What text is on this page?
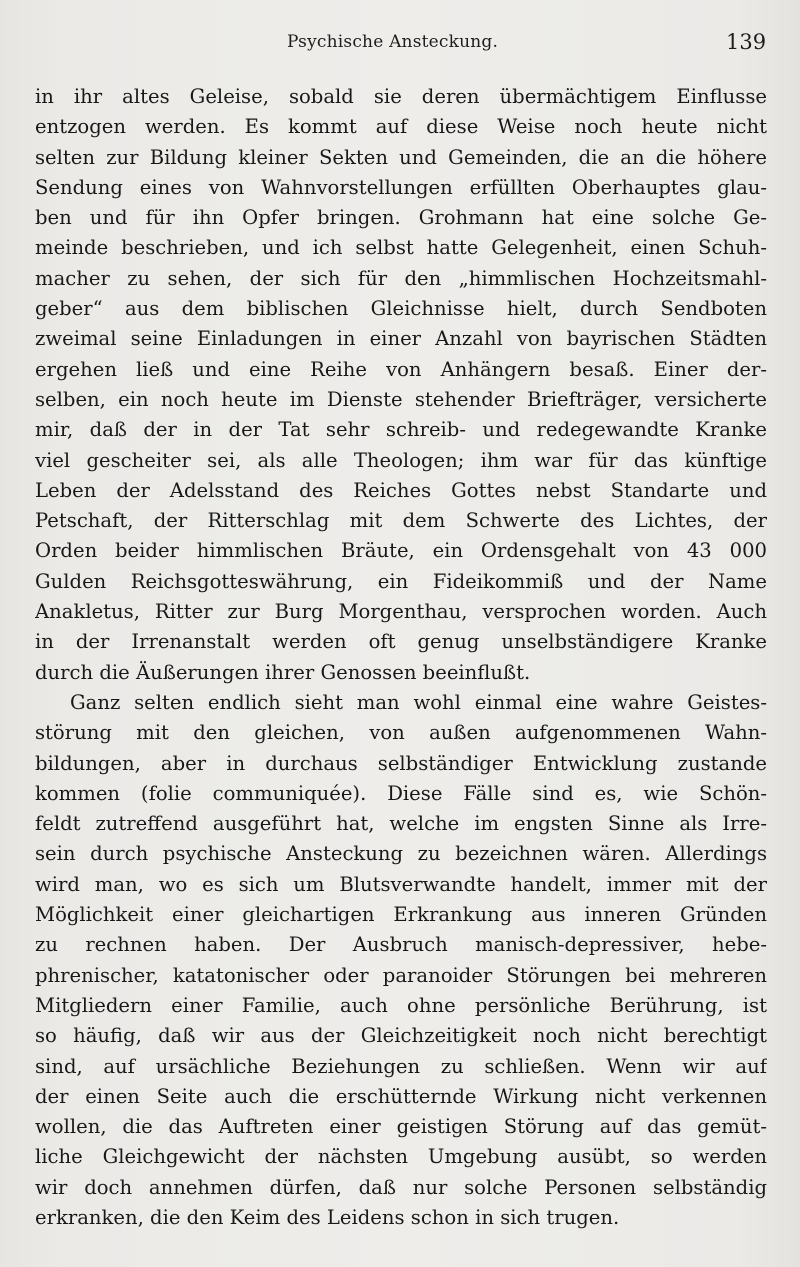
Psychische Ansteckung.	139
in ihr altes Geleise, sobald sie deren übermächtigem Einflusse
entzogen werden. Es kommt auf diese Weise noch heute nicht
selten zur Bildung kleiner Sekten und Gemeinden, die an die höhere
Sendung eines von Wahnvorstellungen erfüllten Oberhauptes glau-
ben und für ihn Opfer bringen. Grohmann hat eine solche Ge-
meinde beschrieben, und ich selbst hatte Gelegenheit, einen Schuh-
macher zu sehen, der sich für den „himmlischen Hochzeitsmahl-
geber“ aus dem biblischen Gleichnisse hielt, durch Sendboten
zweimal seine Einladungen in einer Anzahl von bayrischen Städten
ergehen ließ und eine Reihe von Anhängern besaß. Einer der-
selben, ein noch heute im Dienste stehender Briefträger, versicherte
mir, daß der in der Tat sehr schreib- und redegewandte Kranke
viel gescheiter sei, als alle Theologen; ihm war für das künftige
Leben der Adelsstand des Reiches Gottes nebst Standarte und
Petschaft, der Ritterschlag mit dem Schwerte des Lichtes, der
Orden beider himmlischen Bräute, ein Ordensgehalt von 43 000
Gulden Reichsgotteswährung, ein Fideikommiß und der Name
Anakletus, Ritter zur Burg Morgenthau, versprochen worden. Auch
in der Irrenanstalt werden oft genug unselbständigere Kranke
durch die Äußerungen ihrer Genossen beeinflußt.
Ganz selten endlich sieht man wohl einmal eine wahre Geistes-
störung mit den gleichen, von außen aufgenommenen Wahn-
bildungen, aber in durchaus selbständiger Entwicklung zustande
kommen (folie communiquée). Diese Fälle sind es, wie Schön-
feldt zutreffend ausgeführt hat, welche im engsten Sinne als Irre-
sein durch psychische Ansteckung zu bezeichnen wären. Allerdings
wird man, wo es sich um Blutsverwandte handelt, immer mit der
Möglichkeit einer gleichartigen Erkrankung aus inneren Gründen
zu rechnen haben. Der Ausbruch manisch-depressiver, hebe-
phrenischer, katatonischer oder paranoider Störungen bei mehreren
Mitgliedern einer Familie, auch ohne persönliche Berührung, ist
so häufig, daß wir aus der Gleichzeitigkeit noch nicht berechtigt
sind, auf ursächliche Beziehungen zu schließen. Wenn wir auf
der einen Seite auch die erschütternde Wirkung nicht verkennen
wollen, die das Auftreten einer geistigen Störung auf das gemüt-
liche Gleichgewicht der nächsten Umgebung ausübt, so werden
wir doch annehmen dürfen, daß nur solche Personen selbständig
erkranken, die den Keim des Leidens schon in sich trugen.
